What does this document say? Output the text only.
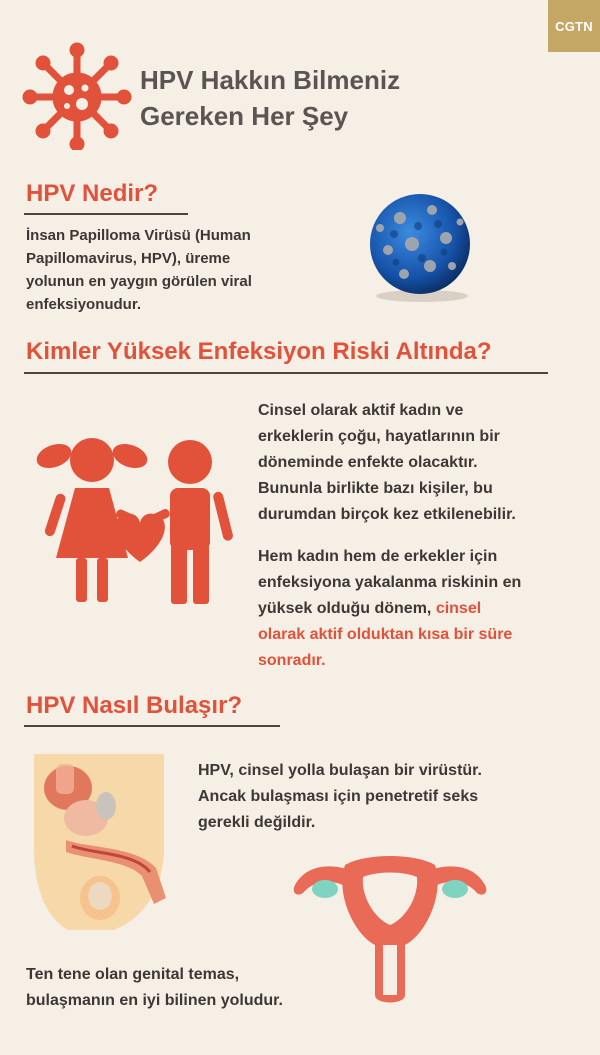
CGTN
HPV Hakkın Bilmeniz
Gereken Her Şey
HPV Nedir?
İnsan Papilloma Virüsü (Human
Papillomavirus, HPV), üreme
yolunun en yaygın görülen viral
enfeksiyonudur.
Kimler Yüksek Enfeksiyon Riski Altında?
Cinsel olarak aktif kadın ve
erkeklerin çoğu, hayatlarının bir
döneminde enfekte olacaktır.
Bununla birlikte bazı kişiler, bu
durumdan birçok kez etkilenebilir.
Hem kadın hem de erkekler için
enfeksiyona yakalanma riskinin en
yüksek olduğu dönem, cinsel
olarak aktif olduktan kısa bir süre
sonradır.
HPV Nasıl Bulaşır?
HPV, cinsel yolla bulaşan bir virüstür.
Ancak bulaşması için penetretif seks
gerekli değildir.
Ten tene olan genital temas,
bulaşmanın en iyi bilinen yoludur.
